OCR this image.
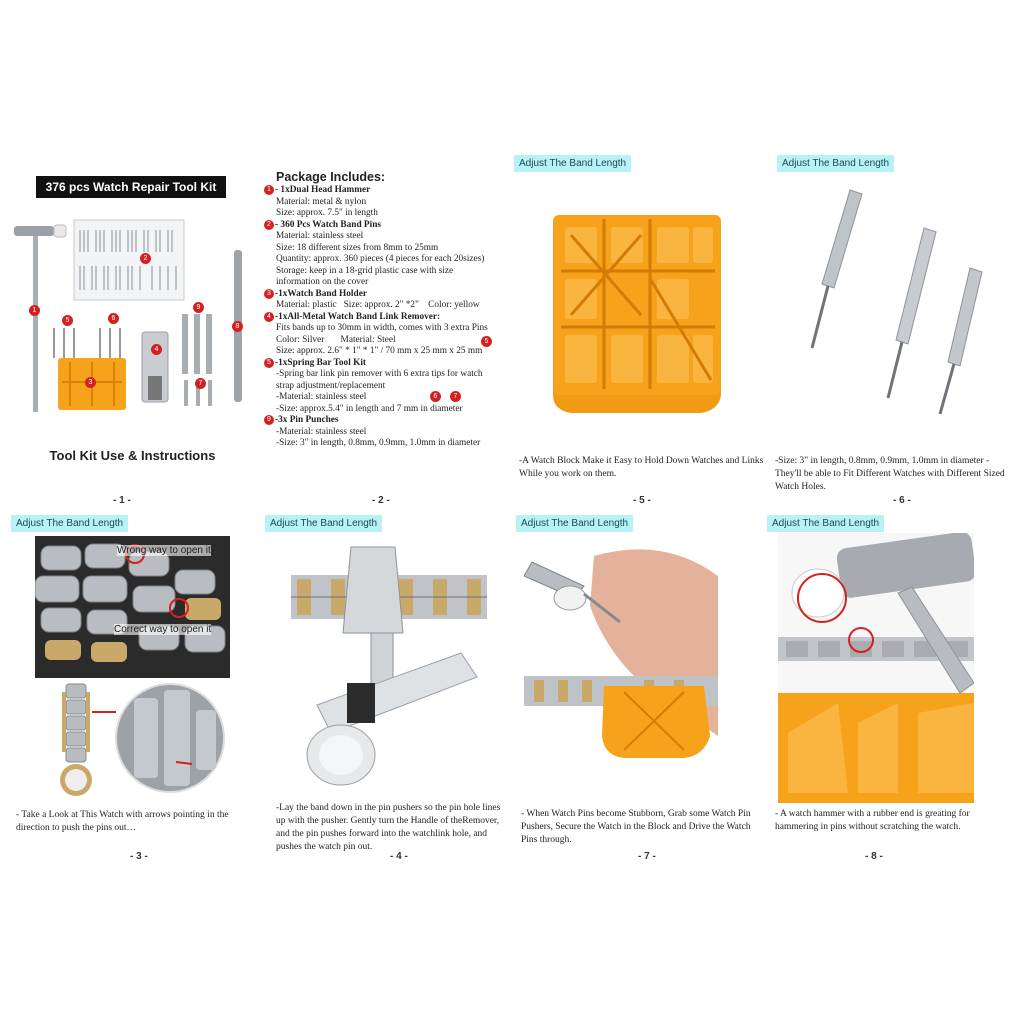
376 pcs Watch Repair Tool Kit
1
2
3
4
5	6
7
8
9
Tool Kit Use & Instructions
- 1 -
Package Includes:
1 - 1xDual Head Hammer
Material: metal & nylon
Size: approx. 7.5" in length
2 - 360 Pcs Watch Band Pins
Material: stainless steel
Size: 18 different sizes from 8mm to 25mm
Quantity: approx. 360 pieces (4 pieces for each 20sizes)
Storage: keep in a 18-grid plastic case with size
information on the cover
3 -1xWatch Band Holder
Material: plastic   Size: approx. 2" *2"    Color: yellow
4 -1xAll-Metal Watch Band Link Remover:
Fits bands up to 30mm in width, comes with 3 extra Pins
Color: Silver       Material: Steel
Size: approx. 2.6" * 1" * 1" / 70 mm x 25 mm x 25 mm
5 -1xSpring Bar Tool Kit
-Spring bar link pin remover with 6 extra tips for watch
strap adjustment/replacement
-Material: stainless steel
-Size: approx.5.4" in length and 7 mm in diameter
9 -3x Pin Punches
-Material: stainless steel
-Size: 3" in length, 0.8mm, 0.9mm, 1.0mm in diameter
5
6	7
- 2 -
Adjust The Band Length
-A Watch Block Make it Easy to Hold Down Watches and Links While you work on them.
- 5 -
Adjust The Band Length
-Size: 3" in length, 0.8mm, 0.9mm, 1.0mm in diameter -They'll be able to Fit Different Watches with Different Sized Watch Holes.
- 6 -
Adjust The Band Length
Wrong way to open it
Correct way to open it
- Take a Look at This Watch with arrows pointing in the direction to push the pins out…
- 3 -
Adjust The Band Length
-Lay the band down in the pin pushers so the pin hole lines up with the pusher. Gently turn the Handle of theRemover, and the pin pushes forward into the watchlink hole, and pushes the watch pin out.
- 4 -
Adjust The Band Length
- When Watch Pins become Stubborn, Grab some Watch Pin Pushers, Secure the Watch in the Block and Drive the Watch Pins through.
- 7 -
Adjust The Band Length
- A watch hammer with a rubber end is greating for hammering in pins without scratching the watch.
- 8 -
